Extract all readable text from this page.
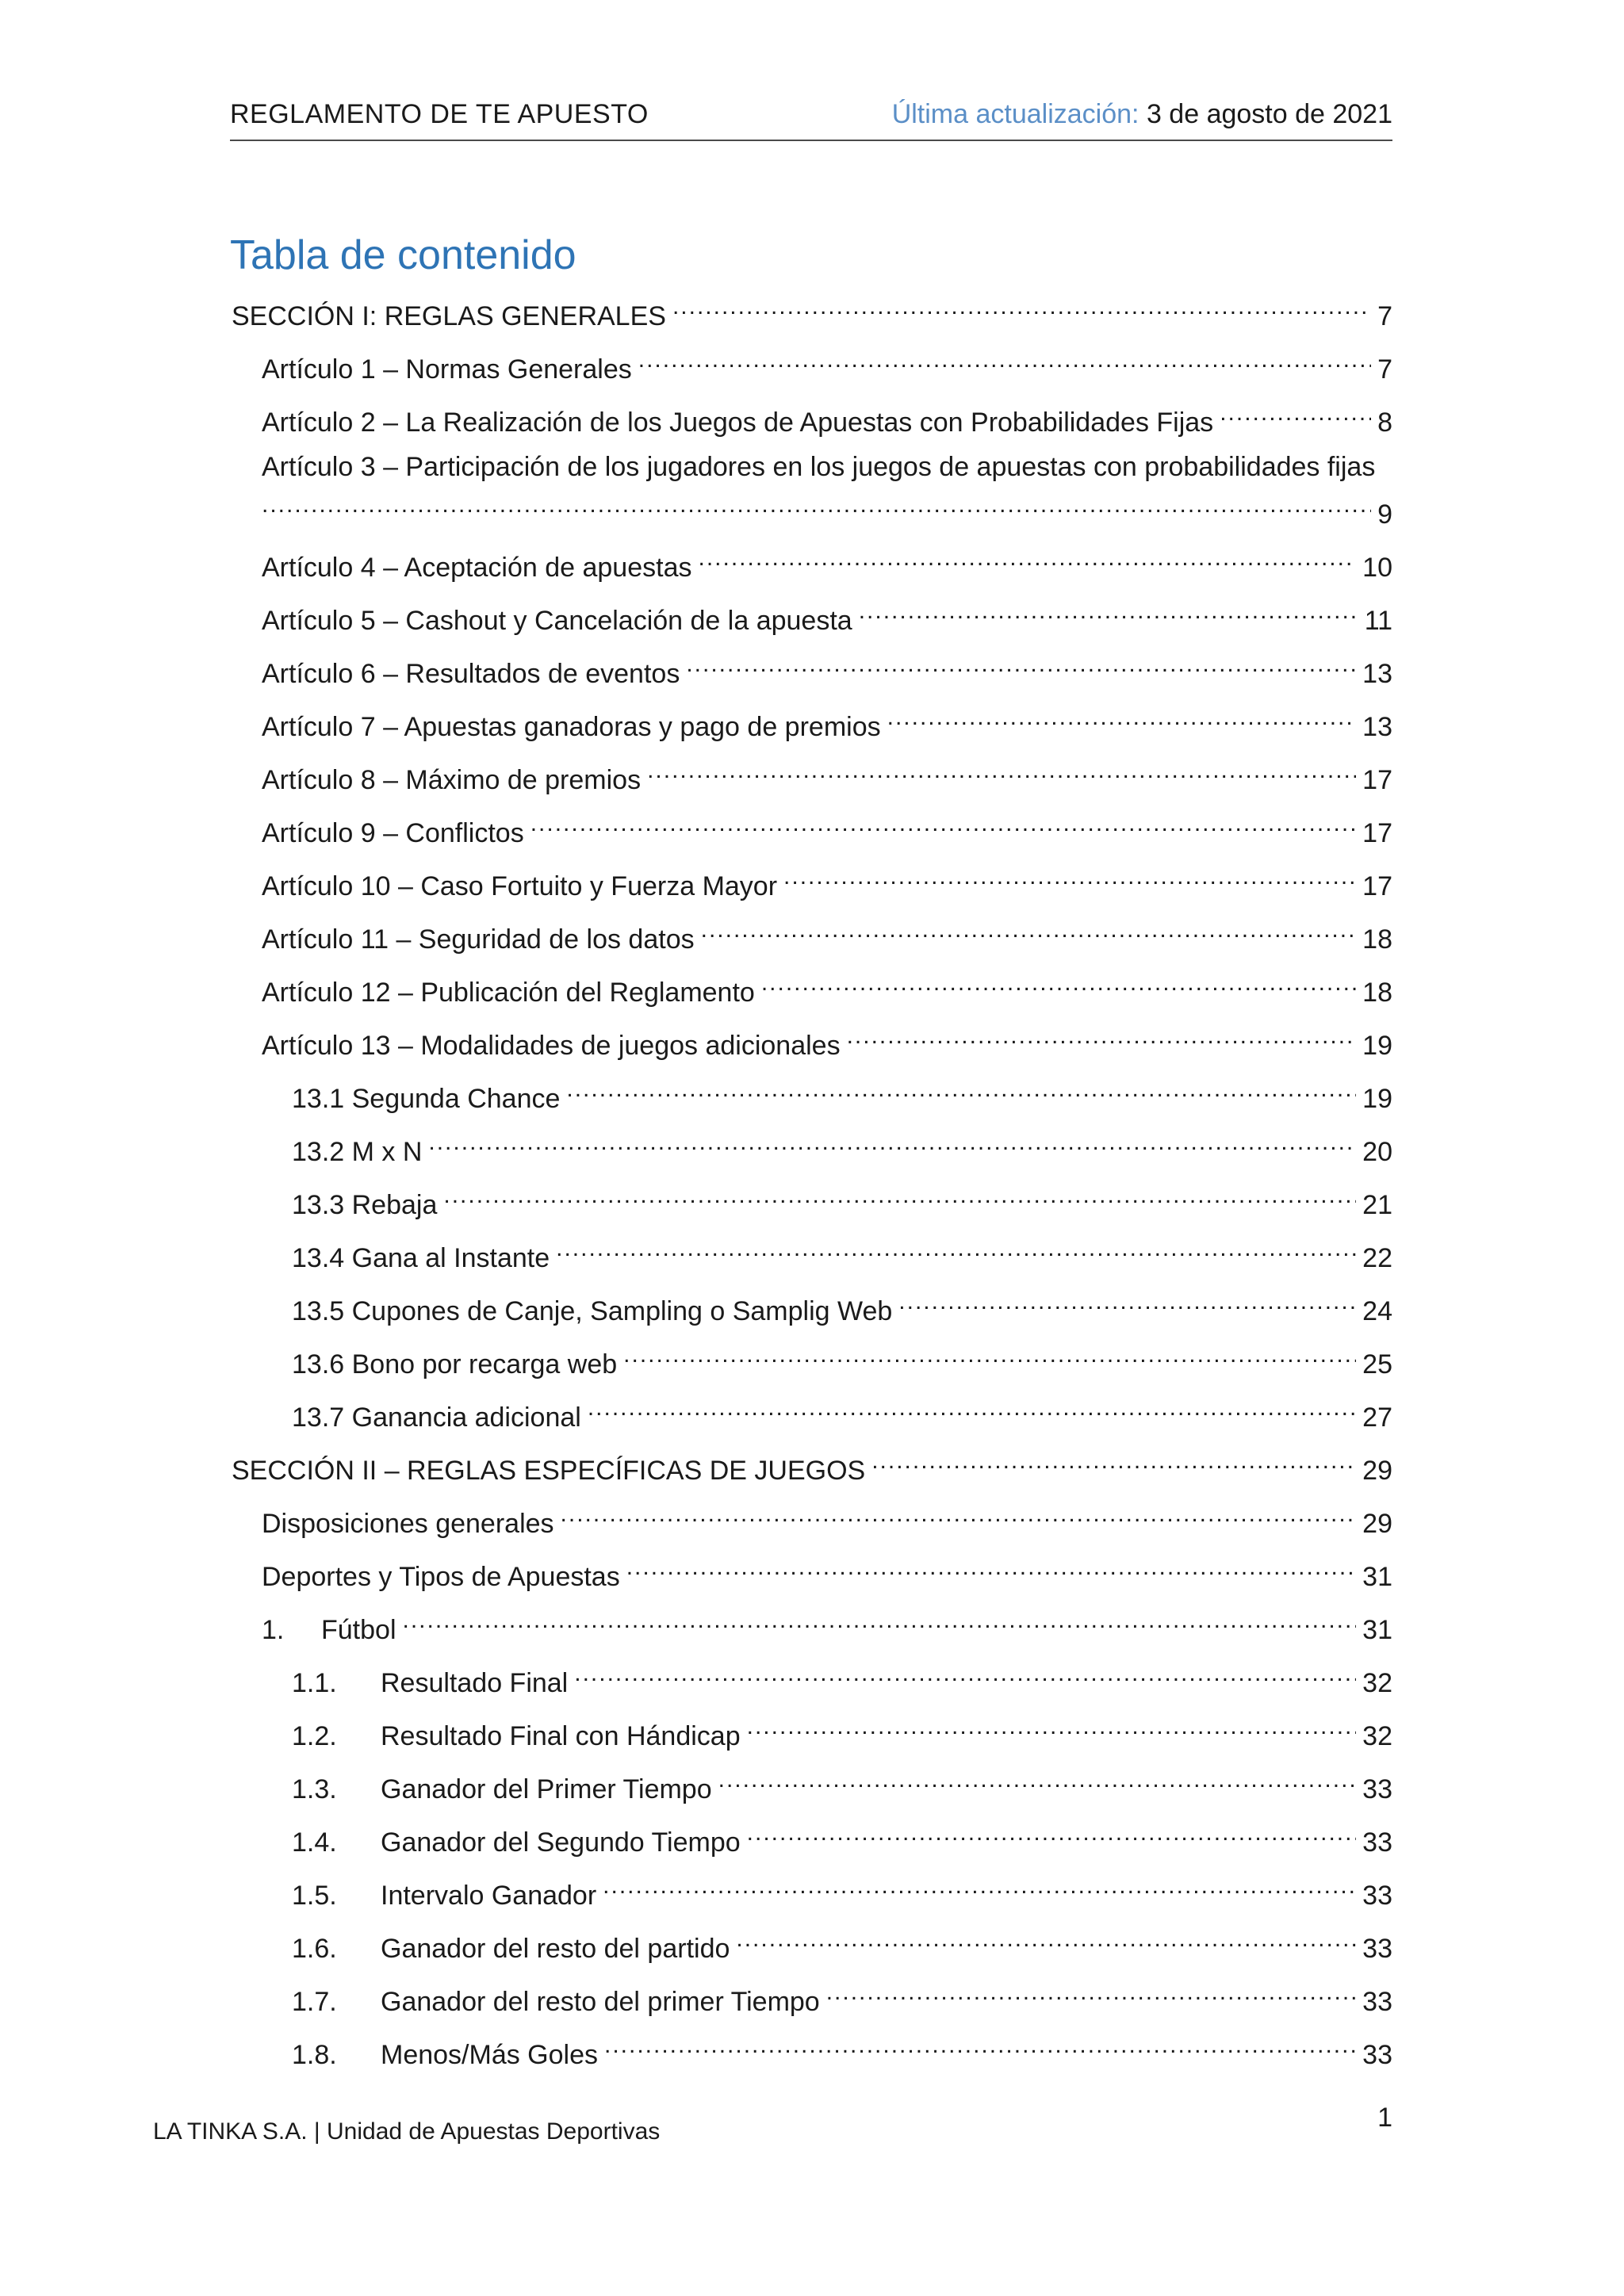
REGLAMENTO DE TE APUESTO	Última actualización: 3 de agosto de 2021
Tabla de contenido
SECCIÓN I: REGLAS GENERALES .....	7
Artículo 1 – Normas Generales .....	7
Artículo 2 – La Realización de los Juegos de Apuestas con Probabilidades Fijas .....	8
Artículo 3 – Participación de los jugadores en los juegos de apuestas con probabilidades fijas
.....
9
Artículo 4 – Aceptación de apuestas .....	10
Artículo 5 – Cashout y Cancelación de la apuesta .....	11
Artículo 6 – Resultados de eventos .....	13
Artículo 7 – Apuestas ganadoras y pago de premios .....	13
Artículo 8 – Máximo de premios .....	17
Artículo 9 – Conflictos .....	17
Artículo 10 – Caso Fortuito y Fuerza Mayor .....	17
Artículo 11 – Seguridad de los datos .....	18
Artículo 12 – Publicación del Reglamento .....	18
Artículo 13 – Modalidades de juegos adicionales .....	19
13.1 Segunda Chance .....	19
13.2 M x N .....	20
13.3 Rebaja .....	21
13.4 Gana al Instante .....	22
13.5 Cupones de Canje, Sampling o Samplig Web .....	24
13.6 Bono por recarga web .....	25
13.7 Ganancia adicional .....	27
SECCIÓN II – REGLAS ESPECÍFICAS DE JUEGOS .....	29
Disposiciones generales .....	29
Deportes y Tipos de Apuestas .....	31
1.	Fútbol .....	31
1.1.	Resultado Final .....	32
1.2.	Resultado Final con Hándicap .....	32
1.3.	Ganador del Primer Tiempo .....	33
1.4.	Ganador del Segundo Tiempo .....	33
1.5.	Intervalo Ganador .....	33
1.6.	Ganador del resto del partido .....	33
1.7.	Ganador del resto del primer Tiempo .....	33
1.8.	Menos/Más Goles .....	33
LA TINKA S.A. | Unidad de Apuestas Deportivas	1
